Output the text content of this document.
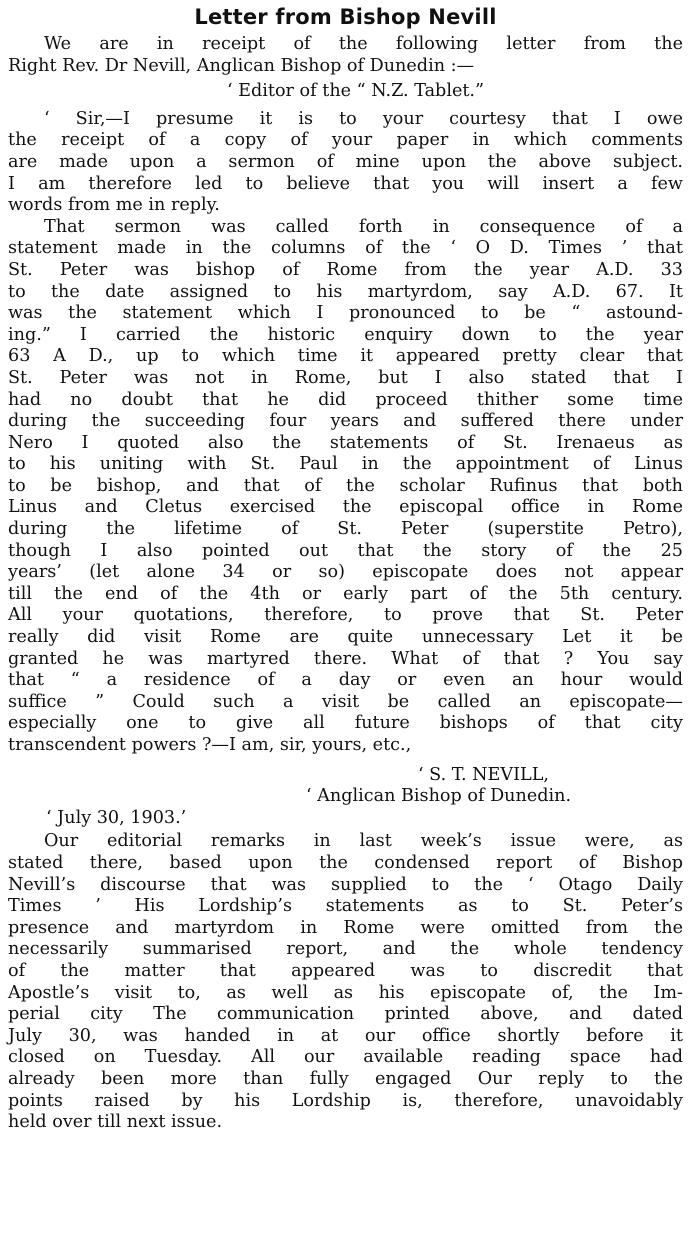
Letter from Bishop Nevill
We are in receipt of the following letter from the
Right Rev. Dr Nevill, Anglican Bishop of Dunedin :—
‘ Editor of the “ N.Z. Tablet.”
‘ Sir,—I presume it is to your courtesy that I owe
the receipt of a copy of your paper in which comments
are made upon a sermon of mine upon the above subject.
I am therefore led to believe that you will insert a few
words from me in reply.
That sermon was called forth in consequence of a
statement made in the columns of the ‘ O D. Times ’ that
St. Peter was bishop of Rome from the year A.D. 33
to the date assigned to his martyrdom, say A.D. 67. It
was the statement which I pronounced to be “ astound-
ing.” I carried the historic enquiry down to the year
63 A D., up to which time it appeared pretty clear that
St. Peter was not in Rome, but I also stated that I
had no doubt that he did proceed thither some time
during the succeeding four years and suffered there under
Nero I quoted also the statements of St. Irenaeus as
to his uniting with St. Paul in the appointment of Linus
to be bishop, and that of the scholar Rufinus that both
Linus and Cletus exercised the episcopal office in Rome
during the lifetime of St. Peter (superstite Petro),
though I also pointed out that the story of the 25
years’ (let alone 34 or so) episcopate does not appear
till the end of the 4th or early part of the 5th century.
All your quotations, therefore, to prove that St. Peter
really did visit Rome are quite unnecessary Let it be
granted he was martyred there. What of that ? You say
that “ a residence of a day or even an hour would
suffice ” Could such a visit be called an episcopate—
especially one to give all future bishops of that city
transcendent powers ?—I am, sir, yours, etc.,
‘ S. T. NEVILL,
‘ Anglican Bishop of Dunedin.
‘ July 30, 1903.’
Our editorial remarks in last week’s issue were, as
stated there, based upon the condensed report of Bishop
Nevill’s discourse that was supplied to the ‘ Otago Daily
Times ’ His Lordship’s statements as to St. Peter’s
presence and martyrdom in Rome were omitted from the
necessarily summarised report, and the whole tendency
of the matter that appeared was to discredit that
Apostle’s visit to, as well as his episcopate of, the Im-
perial city The communication printed above, and dated
July 30, was handed in at our office shortly before it
closed on Tuesday. All our available reading space had
already been more than fully engaged Our reply to the
points raised by his Lordship is, therefore, unavoidably
held over till next issue.
